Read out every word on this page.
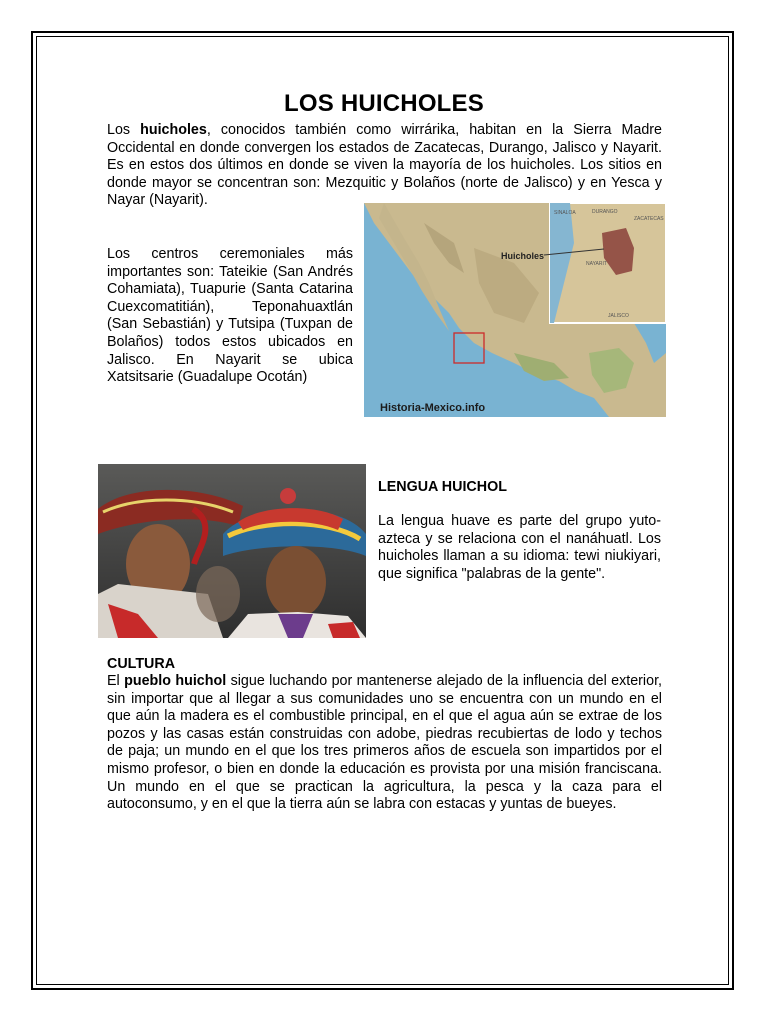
LOS HUICHOLES

Los huicholes, conocidos también como wirrárika, habitan en la Sierra Madre Occidental en donde convergen los estados de Zacatecas, Durango, Jalisco y Nayarit. Es en estos dos últimos en donde se viven la mayoría de los huicholes. Los sitios en donde mayor se concentran son: Mezquitic y Bolaños (norte de Jalisco) y en Yesca y Nayar (Nayarit).

Los centros ceremoniales más importantes son: Tateikie (San Andrés Cohamiata), Tuapurie (Santa Catarina Cuexcomatitián), Teponahuaxtlán (San Sebastián) y Tutsipa (Tuxpan de Bolaños) todos estos ubicados en Jalisco. En Nayarit se ubica Xatsitsarie (Guadalupe Ocotán)

Huicholes
SINALOA	DURANGO
ZACATECAS
NAYARIT
JALISCO
Historia-Mexico.info
LENGUA HUICHOL

La lengua huave es parte del grupo yuto-azteca y se relaciona con el nanáhuatl. Los huicholes llaman a su idioma: tewi niukiyari, que significa "palabras de la gente".

CULTURA

El pueblo huichol sigue luchando por mantenerse alejado de la influencia del exterior, sin importar que al llegar a sus comunidades uno se encuentra con un mundo en el que aún la madera es el combustible principal, en el que el agua aún se extrae de los pozos y las casas están construidas con adobe, piedras recubiertas de lodo y techos de paja; un mundo en el que los tres primeros años de escuela son impartidos por el mismo profesor, o bien en donde la educación es provista por una misión franciscana. Un mundo en el que se practican la agricultura, la pesca y la caza para el autoconsumo, y en el que la tierra aún se labra con estacas y yuntas de bueyes.
